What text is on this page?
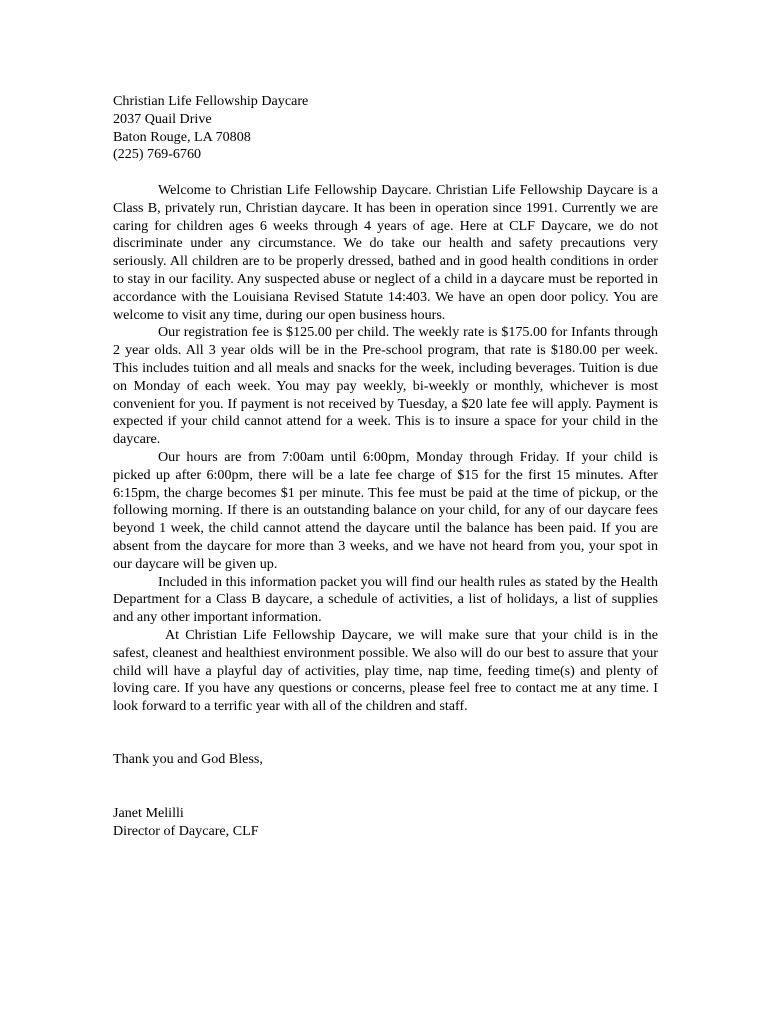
Christian Life Fellowship Daycare
2037 Quail Drive
Baton Rouge, LA 70808
(225) 769-6760

Welcome to Christian Life Fellowship Daycare. Christian Life Fellowship Daycare is a Class B, privately run, Christian daycare. It has been in operation since 1991. Currently we are caring for children ages 6 weeks through 4 years of age. Here at CLF Daycare, we do not discriminate under any circumstance. We do take our health and safety precautions very seriously. All children are to be properly dressed, bathed and in good health conditions in order to stay in our facility. Any suspected abuse or neglect of a child in a daycare must be reported in accordance with the Louisiana Revised Statute 14:403. We have an open door policy. You are welcome to visit any time, during our open business hours.

Our registration fee is $125.00 per child. The weekly rate is $175.00 for Infants through 2 year olds. All 3 year olds will be in the Pre-school program, that rate is $180.00 per week. This includes tuition and all meals and snacks for the week, including beverages. Tuition is due on Monday of each week. You may pay weekly, bi-weekly or monthly, whichever is most convenient for you. If payment is not received by Tuesday, a $20 late fee will apply. Payment is expected if your child cannot attend for a week. This is to insure a space for your child in the daycare.

Our hours are from 7:00am until 6:00pm, Monday through Friday. If your child is picked up after 6:00pm, there will be a late fee charge of $15 for the first 15 minutes. After 6:15pm, the charge becomes $1 per minute. This fee must be paid at the time of pickup, or the following morning. If there is an outstanding balance on your child, for any of our daycare fees beyond 1 week, the child cannot attend the daycare until the balance has been paid. If you are absent from the daycare for more than 3 weeks, and we have not heard from you, your spot in our daycare will be given up.

Included in this information packet you will find our health rules as stated by the Health Department for a Class B daycare, a schedule of activities, a list of holidays, a list of supplies and any other important information.

At Christian Life Fellowship Daycare, we will make sure that your child is in the safest, cleanest and healthiest environment possible. We also will do our best to assure that your child will have a playful day of activities, play time, nap time, feeding time(s) and plenty of loving care. If you have any questions or concerns, please feel free to contact me at any time. I look forward to a terrific year with all of the children and staff.

Thank you and God Bless,
Janet Melilli
Director of Daycare, CLF
